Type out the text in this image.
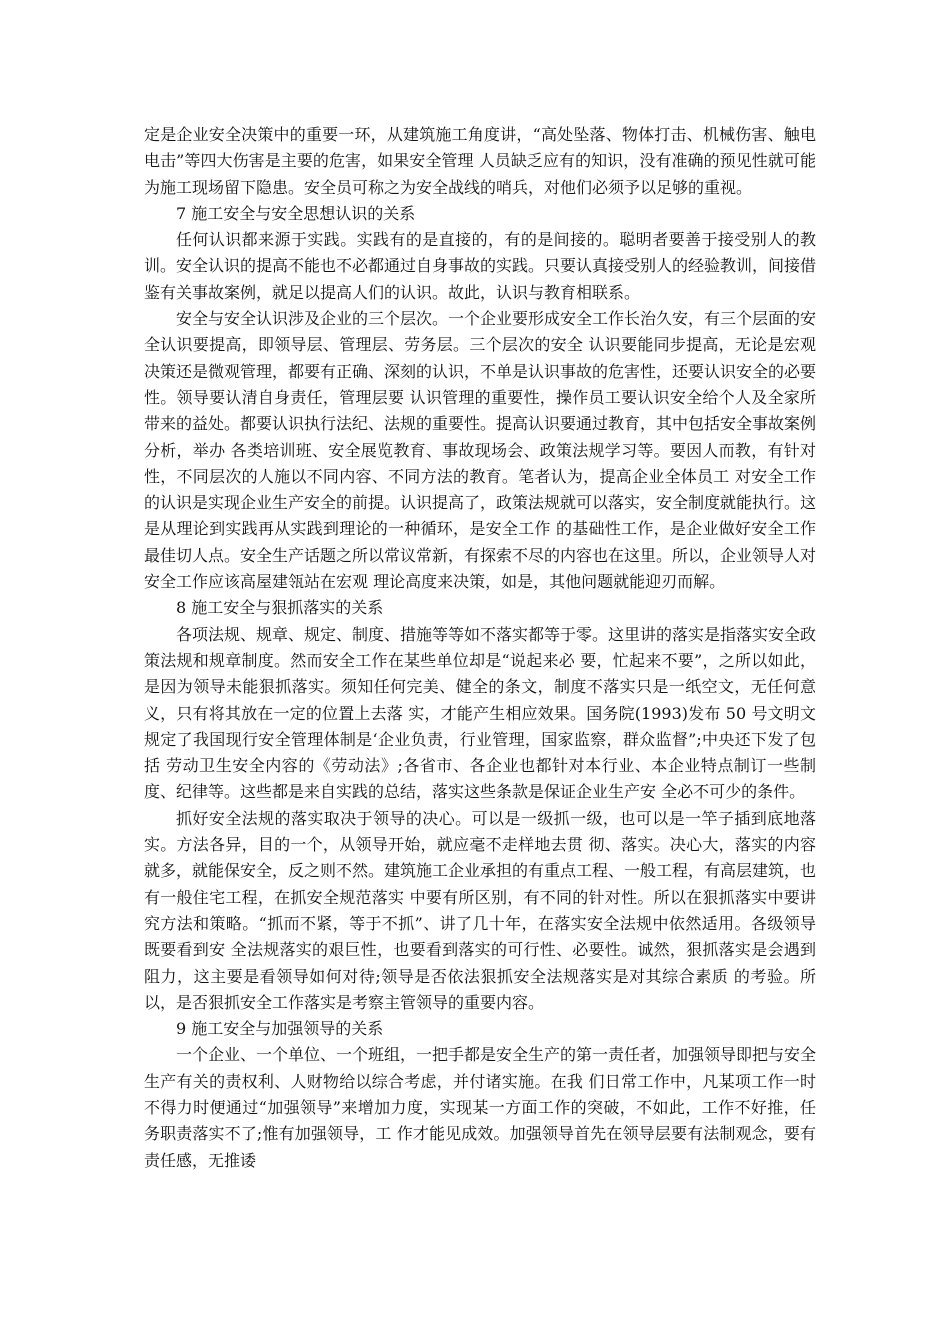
定是企业安全决策中的重要一环，从建筑施工角度讲，“高处坠落、物体打击、机械伤害、触电电击”等四大伤害是主要的危害，如果安全管理 人员缺乏应有的知识，没有准确的预见性就可能为施工现场留下隐患。安全员可称之为安全战线的哨兵，对他们必须予以足够的重视。

7 施工安全与安全思想认识的关系

任何认识都来源于实践。实践有的是直接的，有的是间接的。聪明者要善于接受别人的教训。安全认识的提高不能也不必都通过自身事故的实践。只要认真接受别人的经验教训，间接借鉴有关事故案例，就足以提高人们的认识。故此，认识与教育相联系。

安全与安全认识涉及企业的三个层次。一个企业要形成安全工作长治久安，有三个层面的安全认识要提高，即领导层、管理层、劳务层。三个层次的安全 认识要能同步提高，无论是宏观决策还是微观管理，都要有正确、深刻的认识，不单是认识事故的危害性，还要认识安全的必要性。领导要认清自身责任，管理层要 认识管理的重要性，操作员工要认识安全给个人及全家所带来的益处。都要认识执行法纪、法规的重要性。提高认识要通过教育，其中包括安全事故案例分析，举办 各类培训班、安全展览教育、事故现场会、政策法规学习等。要因人而教，有针对性，不同层次的人施以不同内容、不同方法的教育。笔者认为，提高企业全体员工 对安全工作的认识是实现企业生产安全的前提。认识提高了，政策法规就可以落实，安全制度就能执行。这是从理论到实践再从实践到理论的一种循环，是安全工作 的基础性工作，是企业做好安全工作最佳切人点。安全生产话题之所以常议常新，有探索不尽的内容也在这里。所以，企业领导人对安全工作应该高屋建瓴站在宏观 理论高度来决策，如是，其他问题就能迎刃而解。

8 施工安全与狠抓落实的关系

各项法规、规章、规定、制度、措施等等如不落实都等于零。这里讲的落实是指落实安全政策法规和规章制度。然而安全工作在某些单位却是“说起来必 要，忙起来不要”，之所以如此，是因为领导未能狠抓落实。须知任何完美、健全的条文，制度不落实只是一纸空文，无任何意义，只有将其放在一定的位置上去落 实，才能产生相应效果。国务院(1993)发布 50 号文明文规定了我国现行安全管理体制是‘企业负责，行业管理，国家监察，群众监督”;中央还下发了包括 劳动卫生安全内容的《劳动法》;各省市、各企业也都针对本行业、本企业特点制订一些制度、纪律等。这些都是来自实践的总结，落实这些条款是保证企业生产安 全必不可少的条件。

抓好安全法规的落实取决于领导的决心。可以是一级抓一级，也可以是一竿子插到底地落实。方法各异，目的一个，从领导开始，就应毫不走样地去贯 彻、落实。决心大，落实的内容就多，就能保安全，反之则不然。建筑施工企业承担的有重点工程、一般工程，有高层建筑，也有一般住宅工程，在抓安全规范落实 中要有所区别，有不同的针对性。所以在狠抓落实中要讲究方法和策略。“抓而不紧，等于不抓”、讲了几十年，在落实安全法规中依然适用。各级领导既要看到安 全法规落实的艰巨性，也要看到落实的可行性、必要性。诚然，狠抓落实是会遇到阻力，这主要是看领导如何对待;领导是否依法狠抓安全法规落实是对其综合素质 的考验。所以，是否狠抓安全工作落实是考察主管领导的重要内容。

9 施工安全与加强领导的关系

一个企业、一个单位、一个班组，一把手都是安全生产的第一责任者，加强领导即把与安全生产有关的责权利、人财物给以综合考虑，并付诸实施。在我 们日常工作中，凡某项工作一时不得力时便通过“加强领导”来增加力度，实现某一方面工作的突破，不如此，工作不好推，任务职责落实不了;惟有加强领导，工 作才能见成效。加强领导首先在领导层要有法制观念，要有责任感，无推诿
